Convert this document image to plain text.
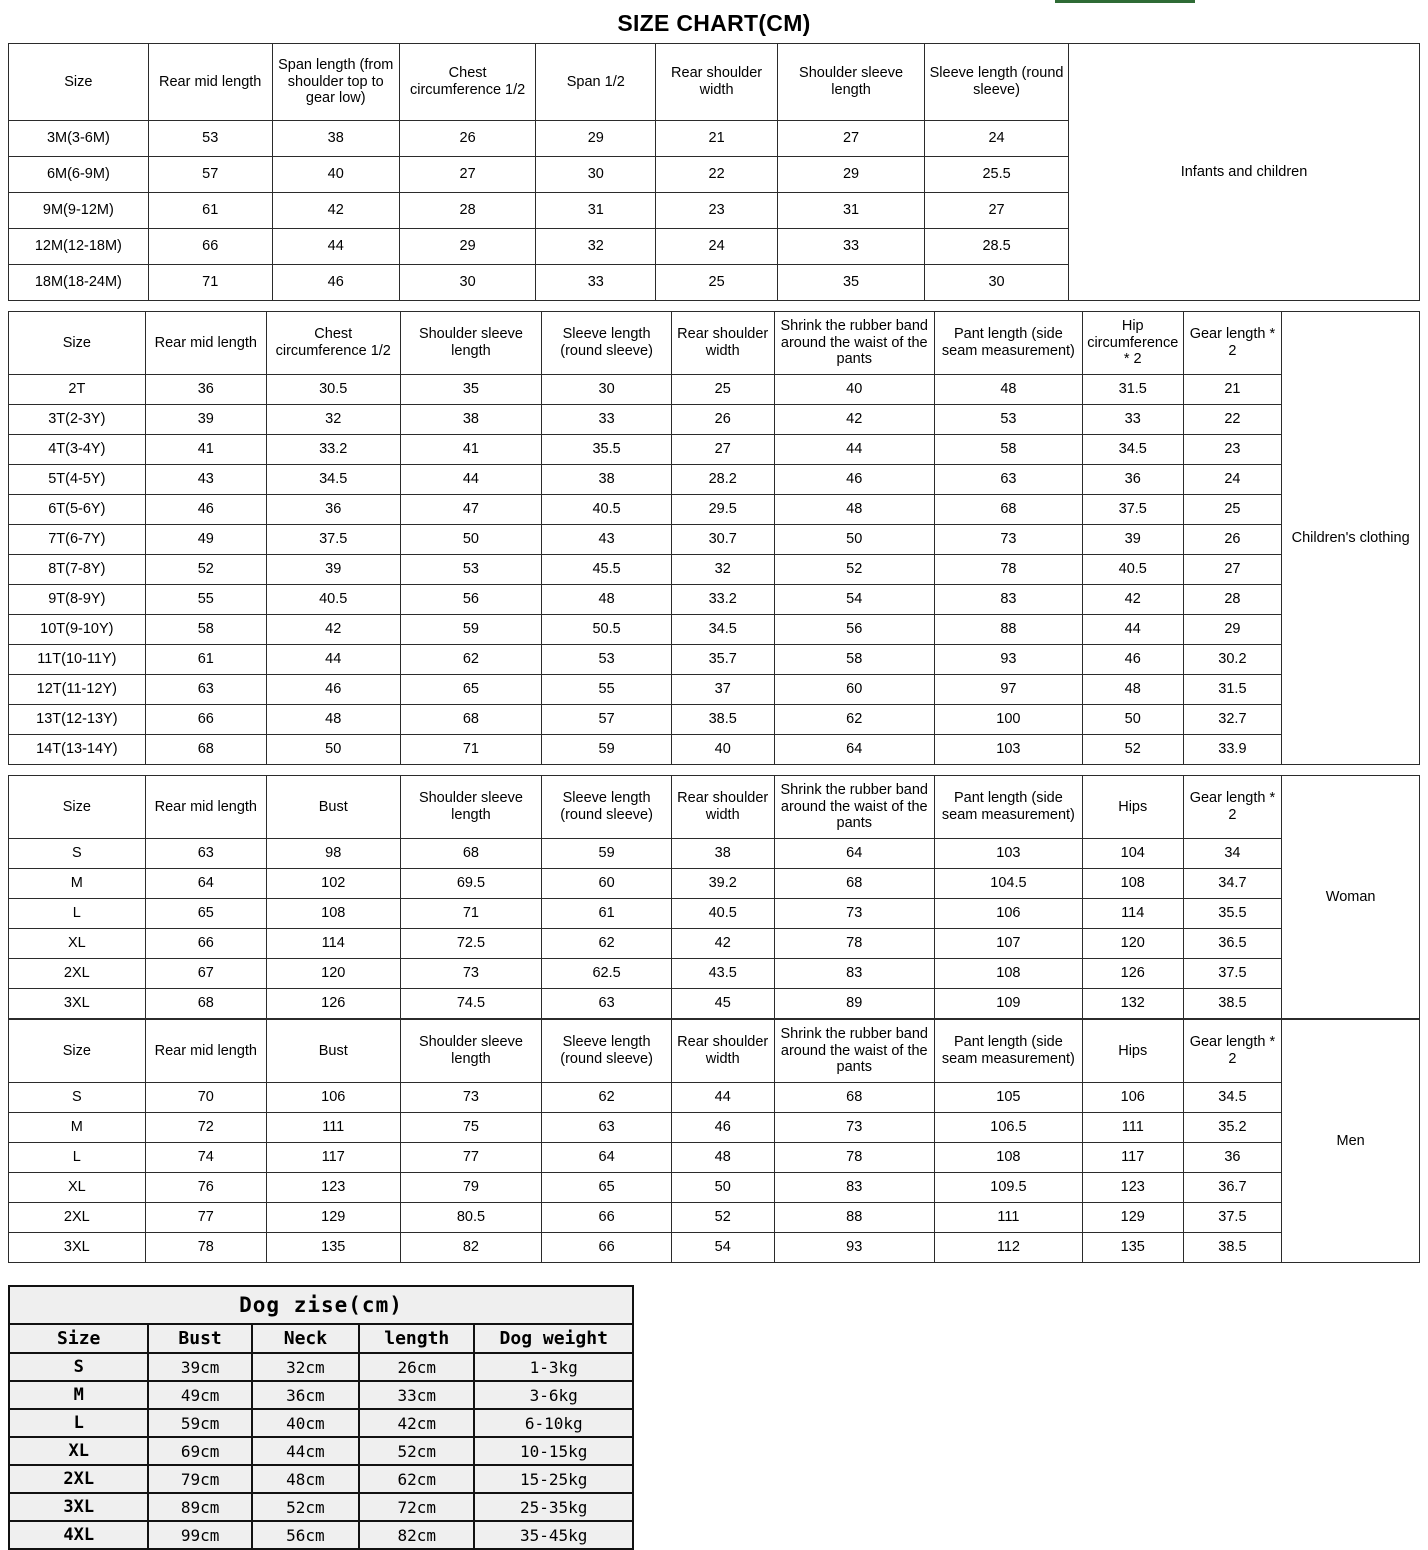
SIZE CHART(CM)
Size	Rear mid length	Span length (from shoulder top to gear low)	Chest circumference 1/2	Span 1/2	Rear shoulder width	Shoulder sleeve length	Sleeve length (round sleeve)	Infants and children
3M(3-6M)	53	38	26	29	21	27	24	
6M(6-9M)	57	40	27	30	22	29	25.5	
9M(9-12M)	61	42	28	31	23	31	27	
12M(12-18M)	66	44	29	32	24	33	28.5	
18M(18-24M)	71	46	30	33	25	35	30	
Size	Rear mid length	Chest circumference 1/2	Shoulder sleeve length	Sleeve length (round sleeve)	Rear shoulder width	Shrink the rubber band around the waist of the pants	Pant length (side seam measurement)	Hip circumference * 2	Gear length * 2	Children's clothing
2T	36	30.5	35	30	25	40	48	31.5	21	
3T(2-3Y)	39	32	38	33	26	42	53	33	22	
4T(3-4Y)	41	33.2	41	35.5	27	44	58	34.5	23	
5T(4-5Y)	43	34.5	44	38	28.2	46	63	36	24	
6T(5-6Y)	46	36	47	40.5	29.5	48	68	37.5	25	
7T(6-7Y)	49	37.5	50	43	30.7	50	73	39	26	
8T(7-8Y)	52	39	53	45.5	32	52	78	40.5	27	
9T(8-9Y)	55	40.5	56	48	33.2	54	83	42	28	
10T(9-10Y)	58	42	59	50.5	34.5	56	88	44	29	
11T(10-11Y)	61	44	62	53	35.7	58	93	46	30.2	
12T(11-12Y)	63	46	65	55	37	60	97	48	31.5	
13T(12-13Y)	66	48	68	57	38.5	62	100	50	32.7	
14T(13-14Y)	68	50	71	59	40	64	103	52	33.9	
Size	Rear mid length	Bust	Shoulder sleeve length	Sleeve length (round sleeve)	Rear shoulder width	Shrink the rubber band around the waist of the pants	Pant length (side seam measurement)	Hips	Gear length * 2	Woman
S	63	98	68	59	38	64	103	104	34	
M	64	102	69.5	60	39.2	68	104.5	108	34.7	
L	65	108	71	61	40.5	73	106	114	35.5	
XL	66	114	72.5	62	42	78	107	120	36.5	
2XL	67	120	73	62.5	43.5	83	108	126	37.5	
3XL	68	126	74.5	63	45	89	109	132	38.5	
Size	Rear mid length	Bust	Shoulder sleeve length	Sleeve length (round sleeve)	Rear shoulder width	Shrink the rubber band around the waist of the pants	Pant length (side seam measurement)	Hips	Gear length * 2	Men
S	70	106	73	62	44	68	105	106	34.5	
M	72	111	75	63	46	73	106.5	111	35.2	
L	74	117	77	64	48	78	108	117	36	
XL	76	123	79	65	50	83	109.5	123	36.7	
2XL	77	129	80.5	66	52	88	111	129	37.5	
3XL	78	135	82	66	54	93	112	135	38.5	
Dog zise(cm)				
Size	Bust	Neck	length	Dog weight
S	39cm	32cm	26cm	1-3kg
M	49cm	36cm	33cm	3-6kg
L	59cm	40cm	42cm	6-10kg
XL	69cm	44cm	52cm	10-15kg
2XL	79cm	48cm	62cm	15-25kg
3XL	89cm	52cm	72cm	25-35kg
4XL	99cm	56cm	82cm	35-45kg
